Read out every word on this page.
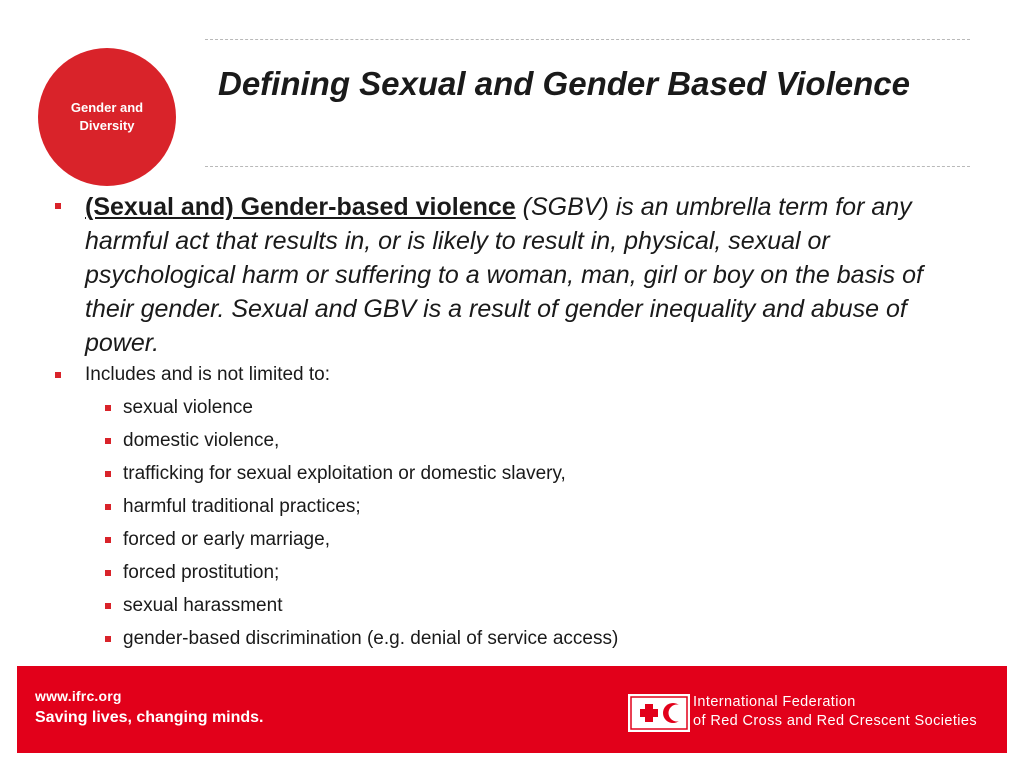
Gender and Diversity
Defining Sexual and Gender Based Violence
(Sexual and) Gender-based violence (SGBV) is an umbrella term for any harmful act that results in, or is likely to result in, physical, sexual or psychological harm or suffering to a woman, man, girl or boy on the basis of their gender. Sexual and GBV is a result of gender inequality and abuse of power.
Includes and is not limited to:
sexual violence
domestic violence,
trafficking for sexual exploitation or domestic slavery,
harmful traditional practices;
forced or early marriage,
forced prostitution;
sexual harassment
gender-based discrimination (e.g. denial of service access)
www.ifrc.org
Saving lives, changing minds.
International Federation
of Red Cross and Red Crescent Societies
